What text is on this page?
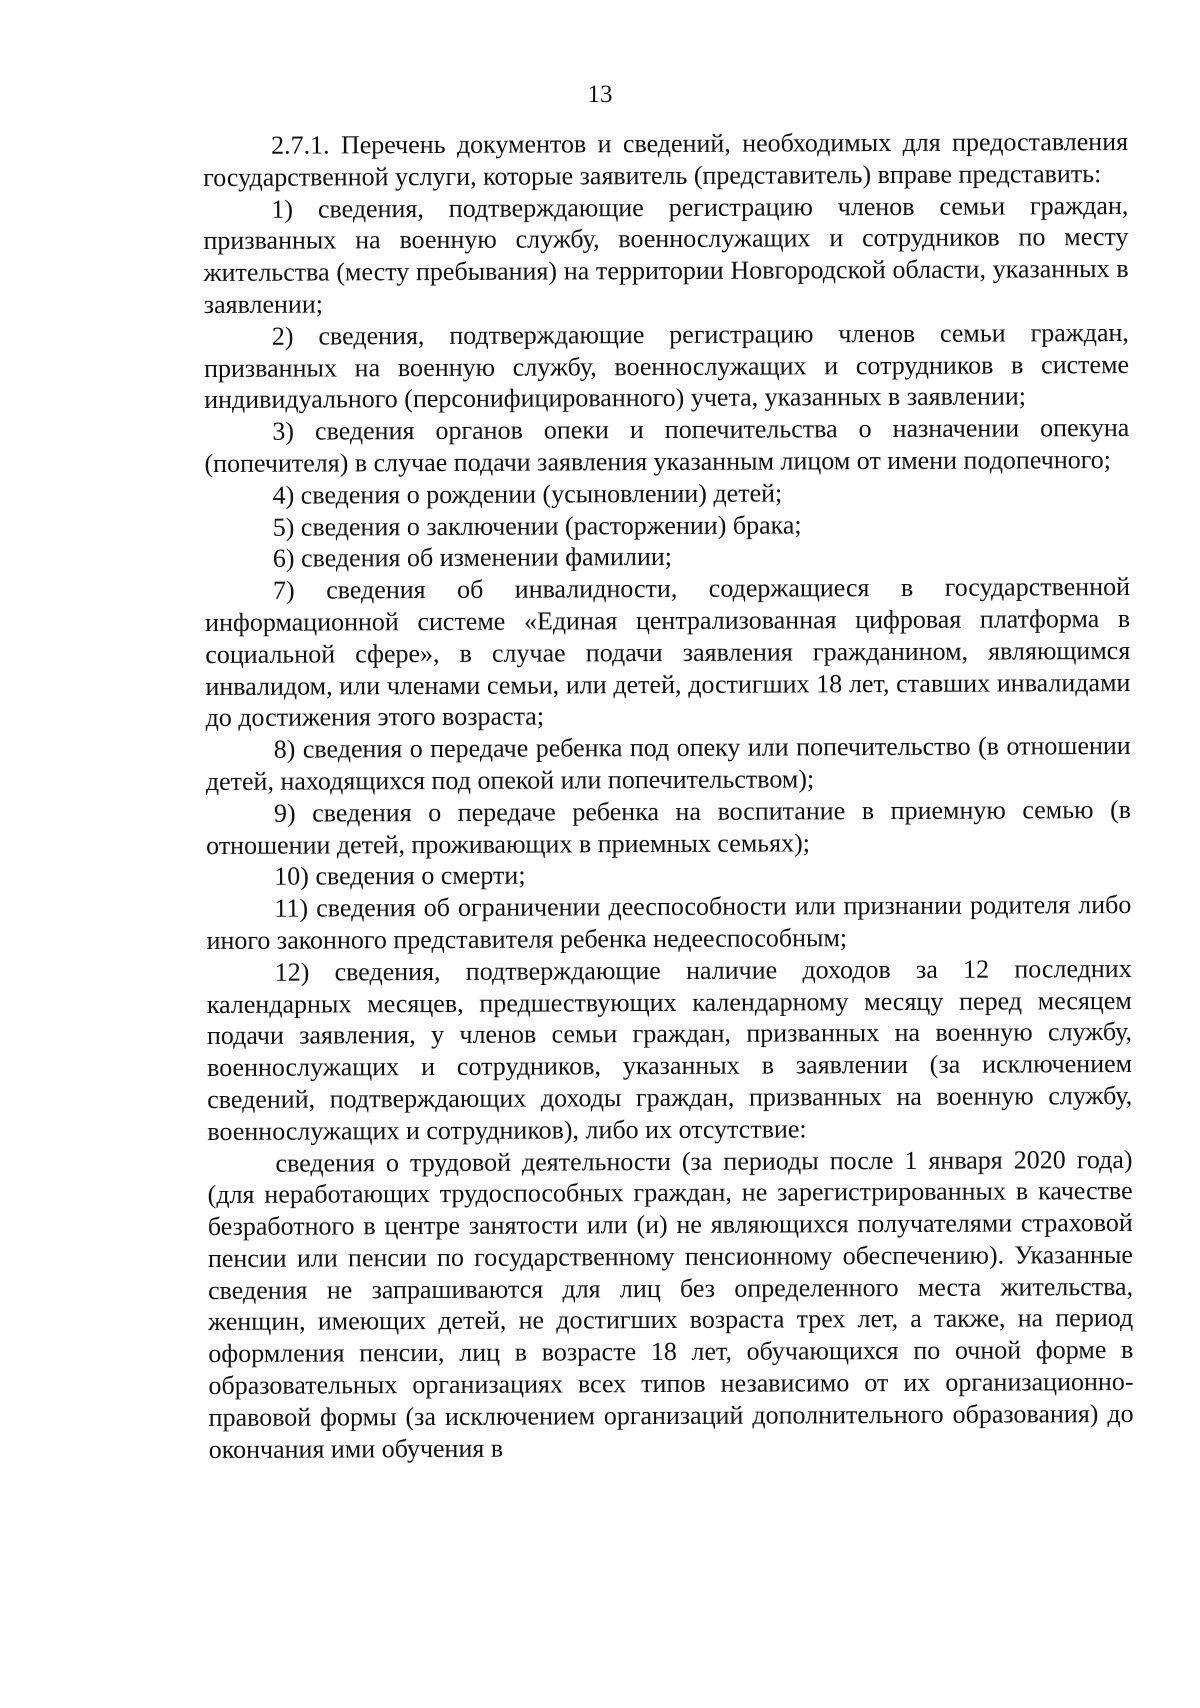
13

2.7.1. Перечень документов и сведений, необходимых для предоставления государственной услуги, которые заявитель (представитель) вправе представить:

1) сведения, подтверждающие регистрацию членов семьи граждан, призванных на военную службу, военнослужащих и сотрудников по месту жительства (месту пребывания) на территории Новгородской области, указанных в заявлении;

2) сведения, подтверждающие регистрацию членов семьи граждан, призванных на военную службу, военнослужащих и сотрудников в системе индивидуального (персонифицированного) учета, указанных в заявлении;

3) сведения органов опеки и попечительства о назначении опекуна (попечителя) в случае подачи заявления указанным лицом от имени подопечного;

4) сведения о рождении (усыновлении) детей;

5) сведения о заключении (расторжении) брака;

6) сведения об изменении фамилии;

7) сведения об инвалидности, содержащиеся в государственной информационной системе «Единая централизованная цифровая платформа в социальной сфере», в случае подачи заявления гражданином, являющимся инвалидом, или членами семьи, или детей, достигших 18 лет, ставших инвалидами до достижения этого возраста;

8) сведения о передаче ребенка под опеку или попечительство (в отношении детей, находящихся под опекой или попечительством);

9) сведения о передаче ребенка на воспитание в приемную семью (в отношении детей, проживающих в приемных семьях);

10) сведения о смерти;

11) сведения об ограничении дееспособности или признании родителя либо иного законного представителя ребенка недееспособным;

12) сведения, подтверждающие наличие доходов за 12 последних календарных месяцев, предшествующих календарному месяцу перед месяцем подачи заявления, у членов семьи граждан, призванных на военную службу, военнослужащих и сотрудников, указанных в заявлении (за исключением сведений, подтверждающих доходы граждан, призванных на военную службу, военнослужащих и сотрудников), либо их отсутствие:

сведения о трудовой деятельности (за периоды после 1 января 2020 года) (для неработающих трудоспособных граждан, не зарегистрированных в качестве безработного в центре занятости или (и) не являющихся получателями страховой пенсии или пенсии по государственному пенсионному обеспечению). Указанные сведения не запрашиваются для лиц без определенного места жительства, женщин, имеющих детей, не достигших возраста трех лет, а также, на период оформления пенсии, лиц в возрасте 18 лет, обучающихся по очной форме в образовательных организациях всех типов независимо от их организационно-правовой формы (за исключением организаций дополнительного образования) до окончания ими обучения в
